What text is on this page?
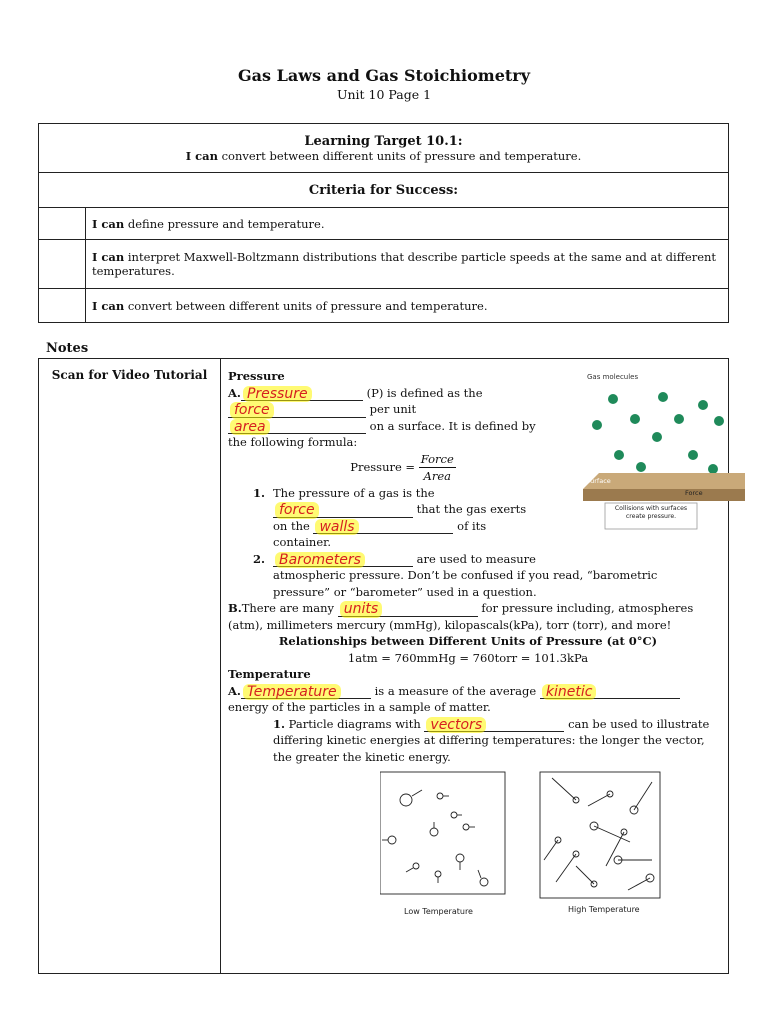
Gas Laws and Gas Stoichiometry
Unit 10 Page 1
Learning Target 10.1:
I can convert between different units of pressure and temperature.	

Criteria for Success:	
	I can define pressure and temperature.
	I can interpret Maxwell-Boltzmann distributions that describe particle speeds at the same and at different temperatures.
	I can convert between different units of pressure and temperature.
Notes
Scan for Video Tutorial	Pressure

A. Pressure	(P) is defined as the

force	per unit

area	on a surface. It is defined by

the following formula:

Pressure = $\frac{\text{Force}}{\text{Area}}$

1. The pressure of a gas is the

force	that the gas exerts

on the walls	of its

container.

2. Barometers	are used to measure

atmospheric pressure. Don’t be confused if you read, “barometric

pressure” or “barometer” used in a question.

B.There are many units	for pressure including, atmospheres

(atm), millimeters mercury (mmHg), kilopascals(kPa), torr (torr), and more!

Relationships between Different Units of Pressure (at 0°C)

1atm = 760mmHg = 760torr = 101.3kPa

Temperature

A. Temperature	is a measure of the average kinetic

energy of the particles in a sample of matter.

1. Particle diagrams with vectors	can be used to illustrate

differing kinetic energies at differing temperatures: the longer the vector,

the greater the kinetic energy.

Gas molecules
Surface
Force
Collisions with surfaces create pressure.
Low Temperature	High Temperature
